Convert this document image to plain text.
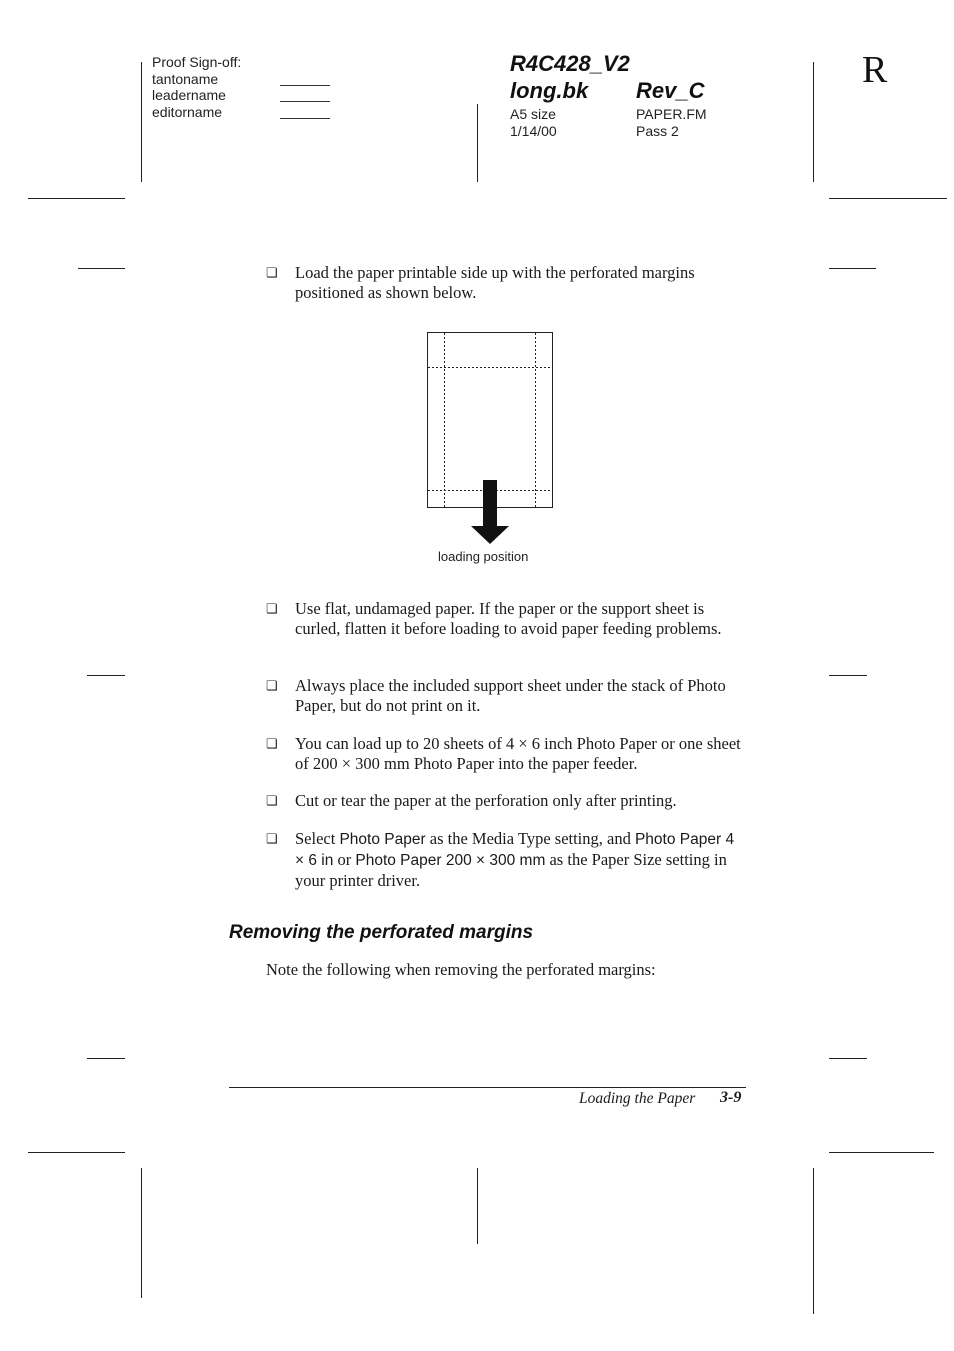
Proof Sign-off:
tantoname
leadername
editorname
R4C428_V2
long.bk Rev_C
A5 size
1/14/00
PAPER.FM
Pass 2
R
❏ Load the paper printable side up with the perforated margins positioned as shown below.
loading position
❏ Use flat, undamaged paper. If the paper or the support sheet is curled, flatten it before loading to avoid paper feeding problems.
❏ Always place the included support sheet under the stack of Photo Paper, but do not print on it.
❏ You can load up to 20 sheets of 4 × 6 inch Photo Paper or one sheet of 200 × 300 mm Photo Paper into the paper feeder.
❏ Cut or tear the paper at the perforation only after printing.
❏ Select Photo Paper as the Media Type setting, and Photo Paper 4 × 6 in or Photo Paper 200 × 300 mm as the Paper Size setting in your printer driver.
Removing the perforated margins
Note the following when removing the perforated margins:
Loading the Paper 3-9
